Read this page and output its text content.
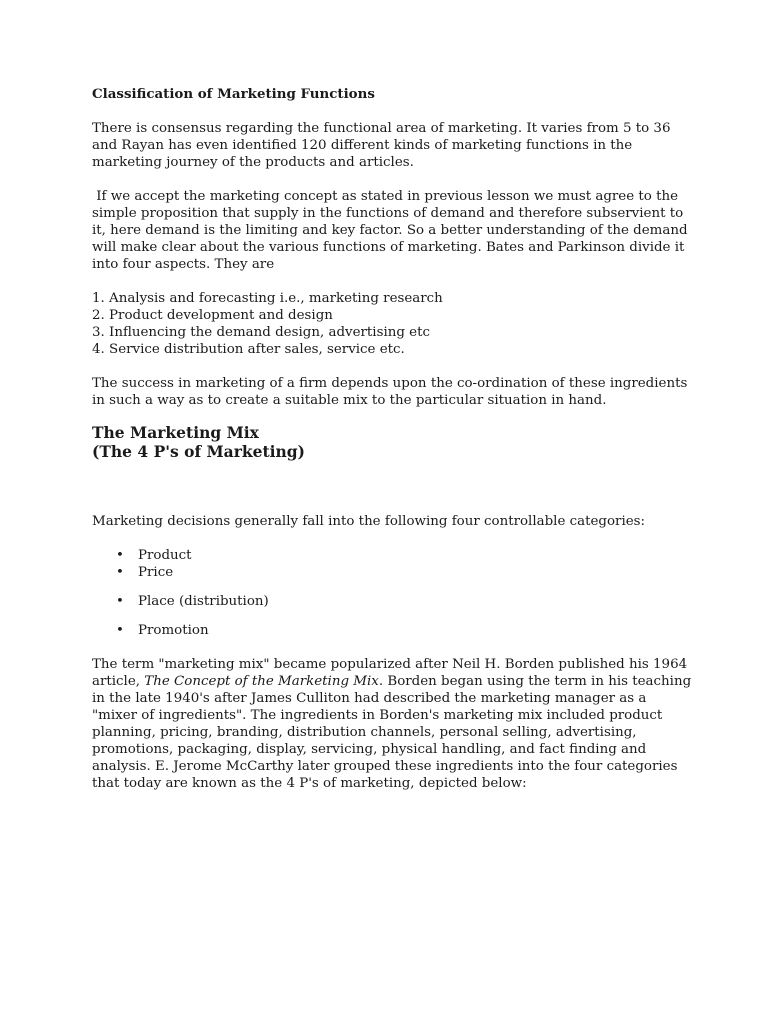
Classification of Marketing Functions

There is consensus regarding the functional area of marketing. It varies from 5 to 36 and Rayan has even identified 120 different kinds of marketing functions in the marketing journey of the products and articles.

If we accept the marketing concept as stated in previous lesson we must agree to the simple proposition that supply in the functions of demand and therefore subservient to it, here demand is the limiting and key factor. So a better understanding of the demand will make clear about the various functions of marketing. Bates and Parkinson divide it into four aspects. They are

1. Analysis and forecasting i.e., marketing research
2. Product development and design
3. Influencing the demand design, advertising etc
4. Service distribution after sales, service etc.

The success in marketing of a firm depends upon the co-ordination of these ingredients in such a way as to create a suitable mix to the particular situation in hand.

The Marketing Mix

(The 4 P's of Marketing)

Marketing decisions generally fall into the following four controllable categories:

• Product
• Price
• Place (distribution)
• Promotion

The term "marketing mix" became popularized after Neil H. Borden published his 1964 article, The Concept of the Marketing Mix. Borden began using the term in his teaching in the late 1940's after James Culliton had described the marketing manager as a "mixer of ingredients". The ingredients in Borden's marketing mix included product planning, pricing, branding, distribution channels, personal selling, advertising, promotions, packaging, display, servicing, physical handling, and fact finding and analysis. E. Jerome McCarthy later grouped these ingredients into the four categories that today are known as the 4 P's of marketing, depicted below:
